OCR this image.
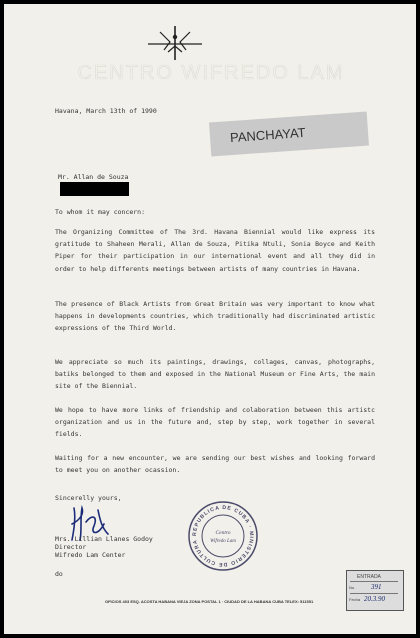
CENTRO WIFREDO LAM
PANCHAYAT
Havana, March 13th of 1990
Mr. Allan de Souza
To whom it may concern:
The Organizing Committee of The 3rd. Havana Biennial would like express its gratitude to Shaheen Merali, Allan de Souza, Pitika Ntuli, Sonia Boyce and Keith Piper for their participation in our international event and all they did in order to help differents meetings between artists of many countries in Havana.
The presence of Black Artists from Great Britain was very important to know what happens in developments countries, which traditionally had discriminated artistic expressions of the Third World.
We appreciate so much its paintings, drawings, collages, canvas, photographs, batiks belonged to them and exposed in the National Museum or Fine Arts, the main site of the Biennial.
We hope to have more links of friendship and colaboration between this artistc organization and us in the future and, step by step, work together in several fields.
Waiting for a new encounter, we are sending our best wishes and looking forward to meet you on another ocassion.
Sincerelly yours,
Mrs. Lillian Llanes Godoy
Director
Wifredo Lam Center
do
REPUBLICA DE CUBA · MINISTERIO DE CULTURA
Centro
Wifredo Lam
ENTRADA
No. 391
Fecha 20.3.90
OFICIOS 403 ESQ. ACOSTA HABANA VIEJA ZONA POSTAL 1 · CIUDAD DE LA HABANA CUBA TELEX: 511551
